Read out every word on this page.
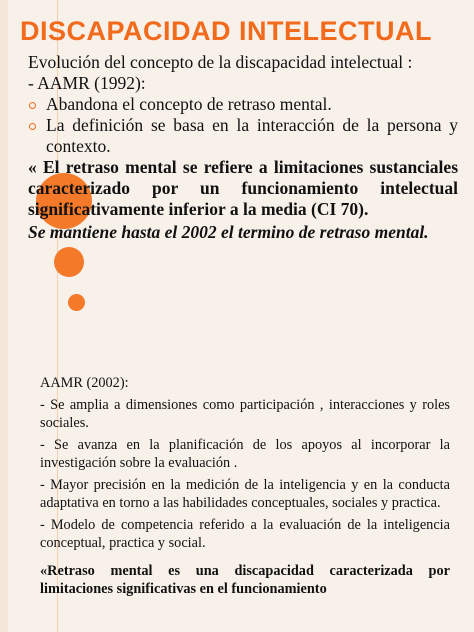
DISCAPACIDAD INTELECTUAL

Evolución del concepto de la discapacidad intelectual :

- AAMR (1992):

Abandona el concepto de retraso mental.

La definición se basa en la interacción de la persona y contexto.

« El retraso mental se refiere a limitaciones sustanciales caracterizado por un funcionamiento intelectual significativamente inferior a la media (CI 70).

Se mantiene hasta el 2002 el termino de retraso mental.

AAMR (2002):

- Se amplia a dimensiones como participación , interacciones y roles sociales.

- Se avanza en la planificación de los apoyos al incorporar la investigación sobre la evaluación .

- Mayor precisión en la medición de la inteligencia y en la conducta adaptativa en torno a las habilidades conceptuales, sociales y practica.

- Modelo de competencia referido a la evaluación de la inteligencia conceptual, practica y social.

«Retraso mental es una discapacidad caracterizada por limitaciones significativas en el funcionamiento
